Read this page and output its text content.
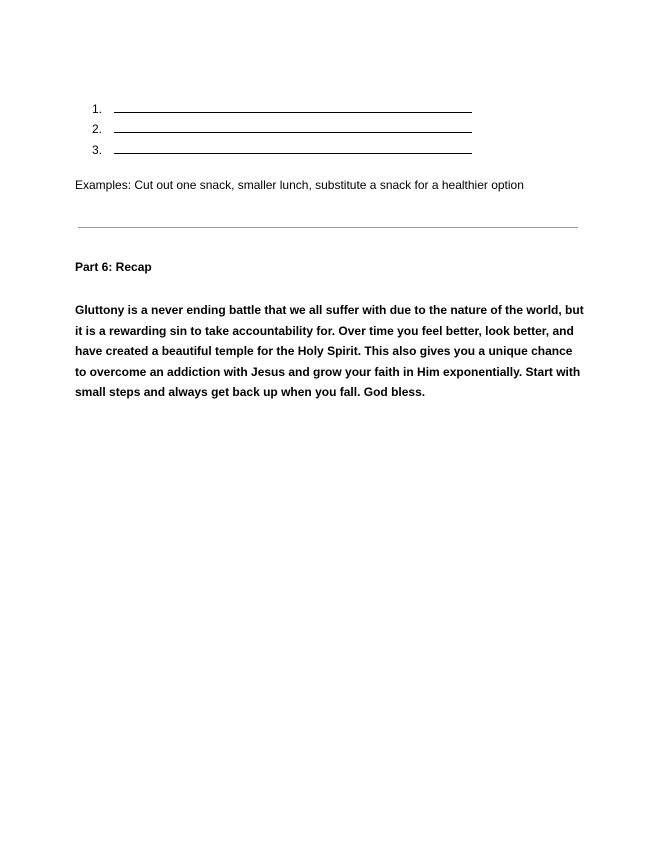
1.
2.
3.

Examples: Cut out one snack, smaller lunch, substitute a snack for a healthier option

Part 6: Recap

Gluttony is a never ending battle that we all suffer with due to the nature of the world, but
it is a rewarding sin to take accountability for. Over time you feel better, look better, and
have created a beautiful temple for the Holy Spirit. This also gives you a unique chance
to overcome an addiction with Jesus and grow your faith in Him exponentially. Start with
small steps and always get back up when you fall. God bless.
